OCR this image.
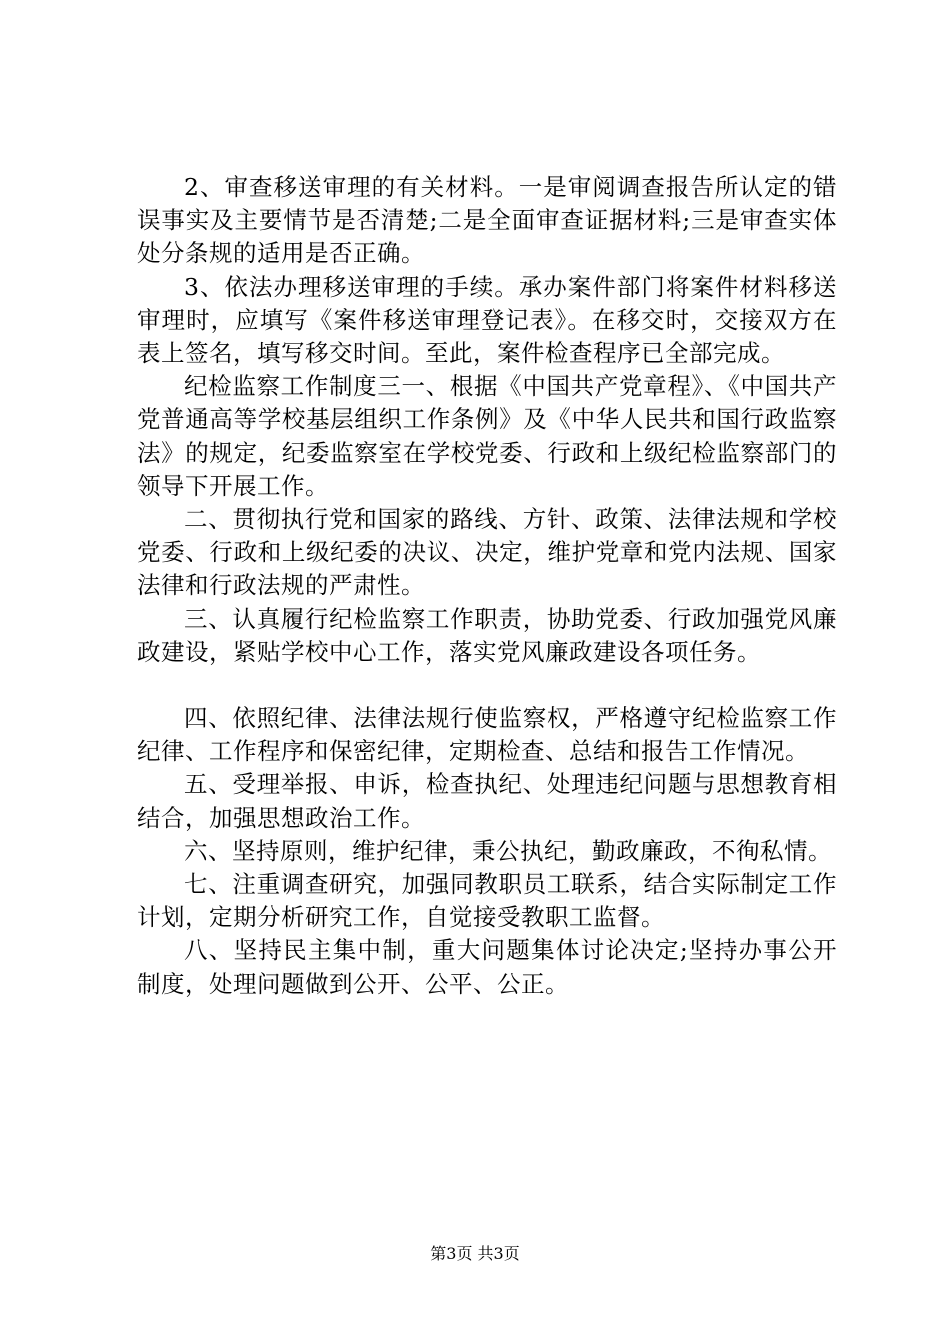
2、审查移送审理的有关材料。一是审阅调查报告所认定的错误事实及主要情节是否清楚;二是全面审查证据材料;三是审查实体处分条规的适用是否正确。

3、依法办理移送审理的手续。承办案件部门将案件材料移送审理时，应填写《案件移送审理登记表》。在移交时，交接双方在表上签名，填写移交时间。至此，案件检查程序已全部完成。

纪检监察工作制度三一、根据《中国共产党章程》、《中国共产党普通高等学校基层组织工作条例》及《中华人民共和国行政监察法》的规定，纪委监察室在学校党委、行政和上级纪检监察部门的领导下开展工作。

二、贯彻执行党和国家的路线、方针、政策、法律法规和学校党委、行政和上级纪委的决议、决定，维护党章和党内法规、国家法律和行政法规的严肃性。

三、认真履行纪检监察工作职责，协助党委、行政加强党风廉政建设，紧贴学校中心工作，落实党风廉政建设各项任务。

四、依照纪律、法律法规行使监察权，严格遵守纪检监察工作纪律、工作程序和保密纪律，定期检查、总结和报告工作情况。

五、受理举报、申诉，检查执纪、处理违纪问题与思想教育相结合，加强思想政治工作。

六、坚持原则，维护纪律，秉公执纪，勤政廉政，不徇私情。

七、注重调查研究，加强同教职员工联系，结合实际制定工作计划，定期分析研究工作，自觉接受教职工监督。

八、坚持民主集中制，重大问题集体讨论决定;坚持办事公开制度，处理问题做到公开、公平、公正。

第3页 共3页
